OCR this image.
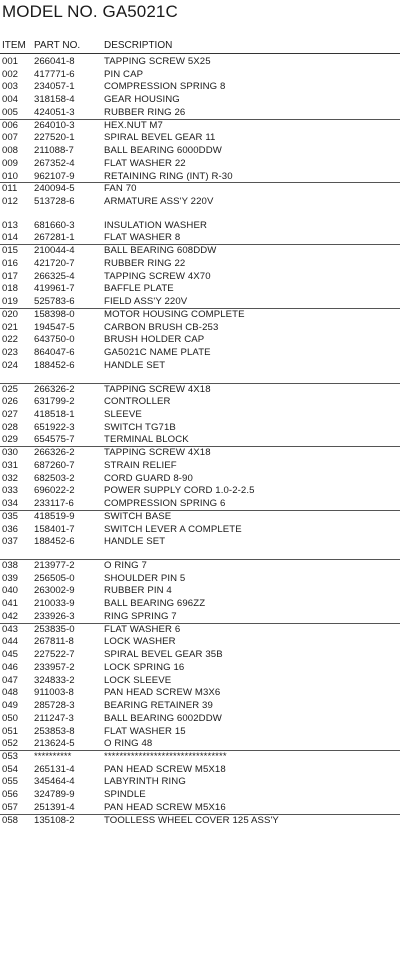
MODEL NO. GA5021C
ITEM PART NO. DESCRIPTION
001 266041-8	TAPPING SCREW 5X25
002 417771-6	PIN CAP
003 234057-1	COMPRESSION SPRING 8
004 318158-4	GEAR HOUSING
005 424051-3	RUBBER RING 26
006 264010-3	HEX.NUT M7
007 227520-1	SPIRAL BEVEL GEAR 11
008 211088-7	BALL BEARING 6000DDW
009 267352-4	FLAT WASHER 22
010 962107-9	RETAINING RING (INT) R-30
011 240094-5	FAN 70
012 513728-6	ARMATURE ASS'Y 220V
013 681660-3	INSULATION WASHER
014 267281-1	FLAT WASHER 8
015 210044-4	BALL BEARING 608DDW
016 421720-7	RUBBER RING 22
017 266325-4	TAPPING SCREW 4X70
018 419961-7	BAFFLE PLATE
019 525783-6	FIELD ASS'Y 220V
020 158398-0	MOTOR HOUSING COMPLETE
021 194547-5	CARBON BRUSH CB-253
022 643750-0	BRUSH HOLDER CAP
023 864047-6	GA5021C NAME PLATE
024 188452-6	HANDLE SET
025 266326-2	TAPPING SCREW 4X18
026 631799-2	CONTROLLER
027 418518-1	SLEEVE
028 651922-3	SWITCH TG71B
029 654575-7	TERMINAL BLOCK
030 266326-2	TAPPING SCREW 4X18
031 687260-7	STRAIN RELIEF
032 682503-2	CORD GUARD 8-90
033 696022-2	POWER SUPPLY CORD 1.0-2-2.5
034 233117-6	COMPRESSION SPRING 6
035 418519-9	SWITCH BASE
036 158401-7	SWITCH LEVER A COMPLETE
037 188452-6	HANDLE SET
038 213977-2	O RING 7
039 256505-0	SHOULDER PIN 5
040 263002-9	RUBBER PIN 4
041 210033-9	BALL BEARING 696ZZ
042 233926-3	RING SPRING 7
043 253835-0	FLAT WASHER 6
044 267811-8	LOCK WASHER
045 227522-7	SPIRAL BEVEL GEAR 35B
046 233957-2	LOCK SPRING 16
047 324833-2	LOCK SLEEVE
048 911003-8	PAN HEAD SCREW M3X6
049 285728-3	BEARING RETAINER 39
050 211247-3	BALL BEARING 6002DDW
051 253853-8	FLAT WASHER 15
052 213624-5	O RING 48
053 **********	********************************
054 265131-4	PAN HEAD SCREW M5X18
055 345464-4	LABYRINTH RING
056 324789-9	SPINDLE
057 251391-4	PAN HEAD SCREW M5X16
058 135108-2	TOOLLESS WHEEL COVER 125 ASS'Y
